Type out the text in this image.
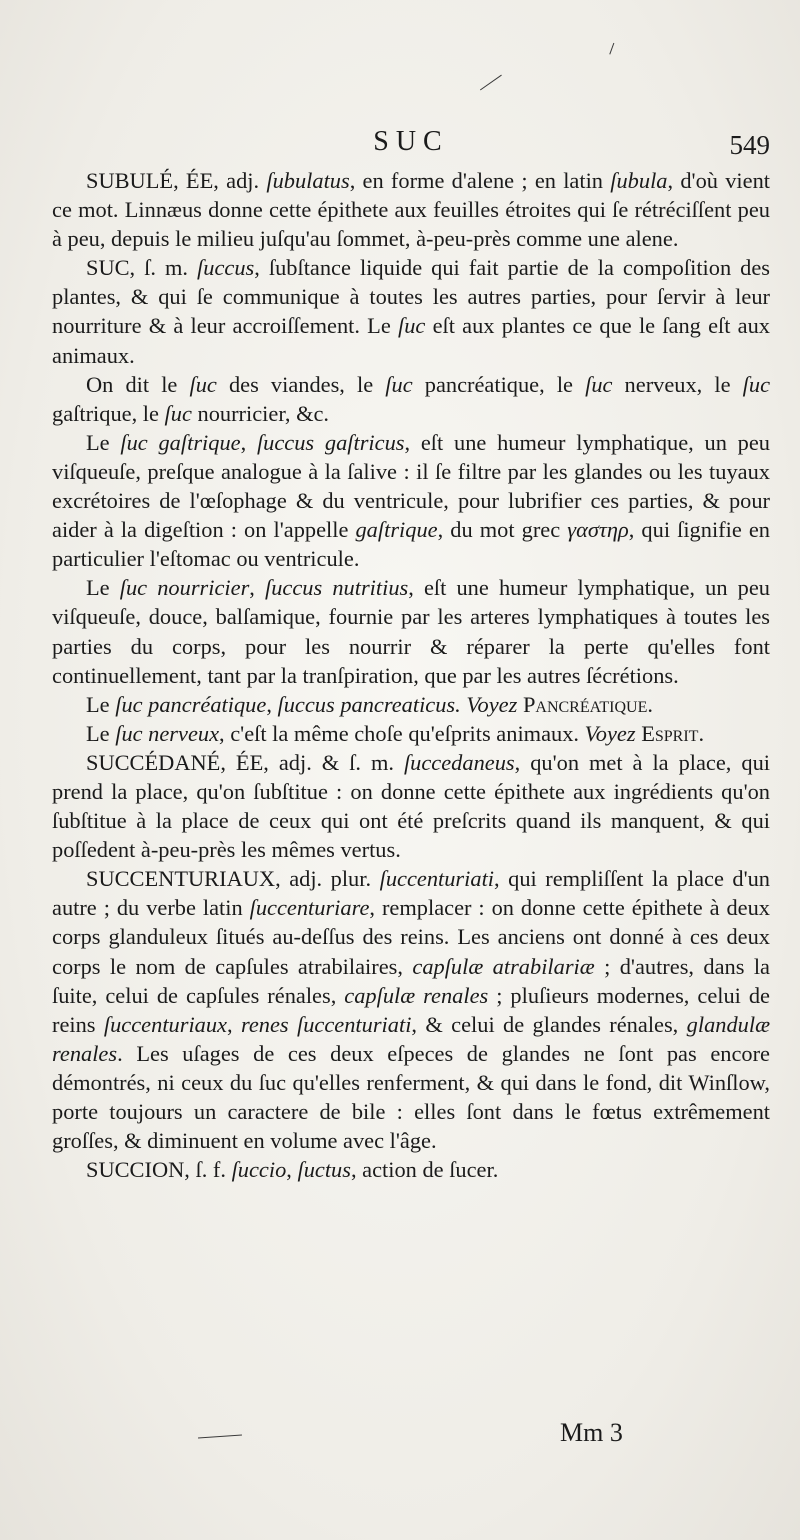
SUC	549

SUBULÉ, ÉE, adj. ſubulatus, en forme d'alene ; en latin ſubula, d'où vient ce mot. Linnæus donne cette épithete aux feuilles étroites qui ſe rétréciſſent peu à peu, depuis le milieu juſqu'au ſommet, à-peu-près comme une alene.

SUC, ſ. m. ſuccus, ſubſtance liquide qui fait partie de la compoſition des plantes, & qui ſe communique à toutes les autres parties, pour ſervir à leur nourriture & à leur accroiſſement. Le ſuc eſt aux plantes ce que le ſang eſt aux animaux.

On dit le ſuc des viandes, le ſuc pancréatique, le ſuc nerveux, le ſuc gaſtrique, le ſuc nourricier, &c.

Le ſuc gaſtrique, ſuccus gaſtricus, eſt une humeur lymphatique, un peu viſqueuſe, preſque analogue à la ſalive : il ſe filtre par les glandes ou les tuyaux excrétoires de l'œſophage & du ventricule, pour lubrifier ces parties, & pour aider à la digeſtion : on l'appelle gaſtrique, du mot grec γαστηρ, qui ſignifie en particulier l'eſtomac ou ventricule.

Le ſuc nourricier, ſuccus nutritius, eſt une humeur lymphatique, un peu viſqueuſe, douce, balſamique, fournie par les arteres lymphatiques à toutes les parties du corps, pour les nourrir & réparer la perte qu'elles font continuellement, tant par la tranſpiration, que par les autres ſécrétions.

Le ſuc pancréatique, ſuccus pancreaticus. Voyez Pancréatique.

Le ſuc nerveux, c'eſt la même choſe qu'eſprits animaux. Voyez Esprit.

SUCCÉDANÉ, ÉE, adj. & ſ. m. ſuccedaneus, qu'on met à la place, qui prend la place, qu'on ſubſtitue : on donne cette épithete aux ingrédients qu'on ſubſtitue à la place de ceux qui ont été preſcrits quand ils manquent, & qui poſſedent à-peu-près les mêmes vertus.

SUCCENTURIAUX, adj. plur. ſuccenturiati, qui rempliſſent la place d'un autre ; du verbe latin ſuccenturiare, remplacer : on donne cette épithete à deux corps glanduleux ſitués au-deſſus des reins. Les anciens ont donné à ces deux corps le nom de capſules atrabilaires, capſulæ atrabilariæ ; d'autres, dans la ſuite, celui de capſules rénales, capſulæ renales ; pluſieurs modernes, celui de reins ſuccenturiaux, renes ſuccenturiati, & celui de glandes rénales, glandulæ renales. Les uſages de ces deux eſpeces de glandes ne ſont pas encore démontrés, ni ceux du ſuc qu'elles renferment, & qui dans le fond, dit Winſlow, porte toujours un caractere de bile : elles ſont dans le fœtus extrêmement groſſes, & diminuent en volume avec l'âge.

SUCCION, ſ. f. ſuccio, ſuctus, action de ſucer.

Mm 3
